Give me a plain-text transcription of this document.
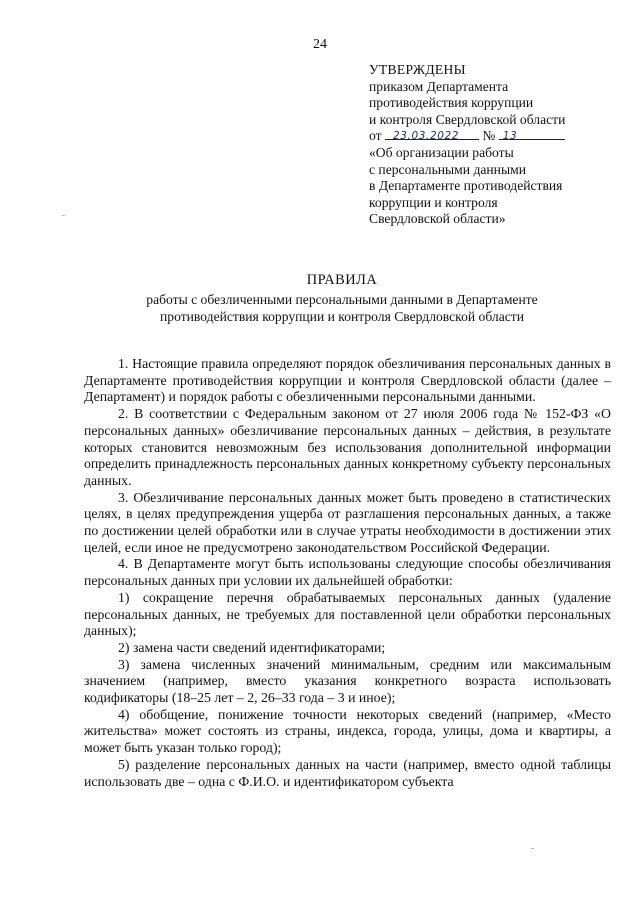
24
УТВЕРЖДЕНЫ
приказом Департамента
противодействия коррупции
и контроля Свердловской области
от 23.03.2022 № 13
«Об организации работы
с персональными данными
в Департаменте противодействия
коррупции и контроля
Свердловской области»
ПРАВИЛА
работы с обезличенными персональными данными в Департаменте
противодействия коррупции и контроля Свердловской области

1. Настоящие правила определяют порядок обезличивания персональных данных в Департаменте противодействия коррупции и контроля Свердловской области (далее – Департамент) и порядок работы с обезличенными персональными данными.

2. В соответствии с Федеральным законом от 27 июля 2006 года № 152-ФЗ «О персональных данных» обезличивание персональных данных – действия, в результате которых становится невозможным без использования дополнительной информации определить принадлежность персональных данных конкретному субъекту персональных данных.

3. Обезличивание персональных данных может быть проведено в статистических целях, в целях предупреждения ущерба от разглашения персональных данных, а также по достижении целей обработки или в случае утраты необходимости в достижении этих целей, если иное не предусмотрено законодательством Российской Федерации.

4. В Департаменте могут быть использованы следующие способы обезличивания персональных данных при условии их дальнейшей обработки:

1) сокращение перечня обрабатываемых персональных данных (удаление персональных данных, не требуемых для поставленной цели обработки персональных данных);

2) замена части сведений идентификаторами;

3) замена численных значений минимальным, средним или максимальным значением (например, вместо указания конкретного возраста использовать кодификаторы (18–25 лет – 2, 26–33 года – 3 и иное);

4) обобщение, понижение точности некоторых сведений (например, «Место жительства» может состоять из страны, индекса, города, улицы, дома и квартиры, а может быть указан только город);

5) разделение персональных данных на части (например, вместо одной таблицы использовать две – одна с Ф.И.О. и идентификатором субъекта
